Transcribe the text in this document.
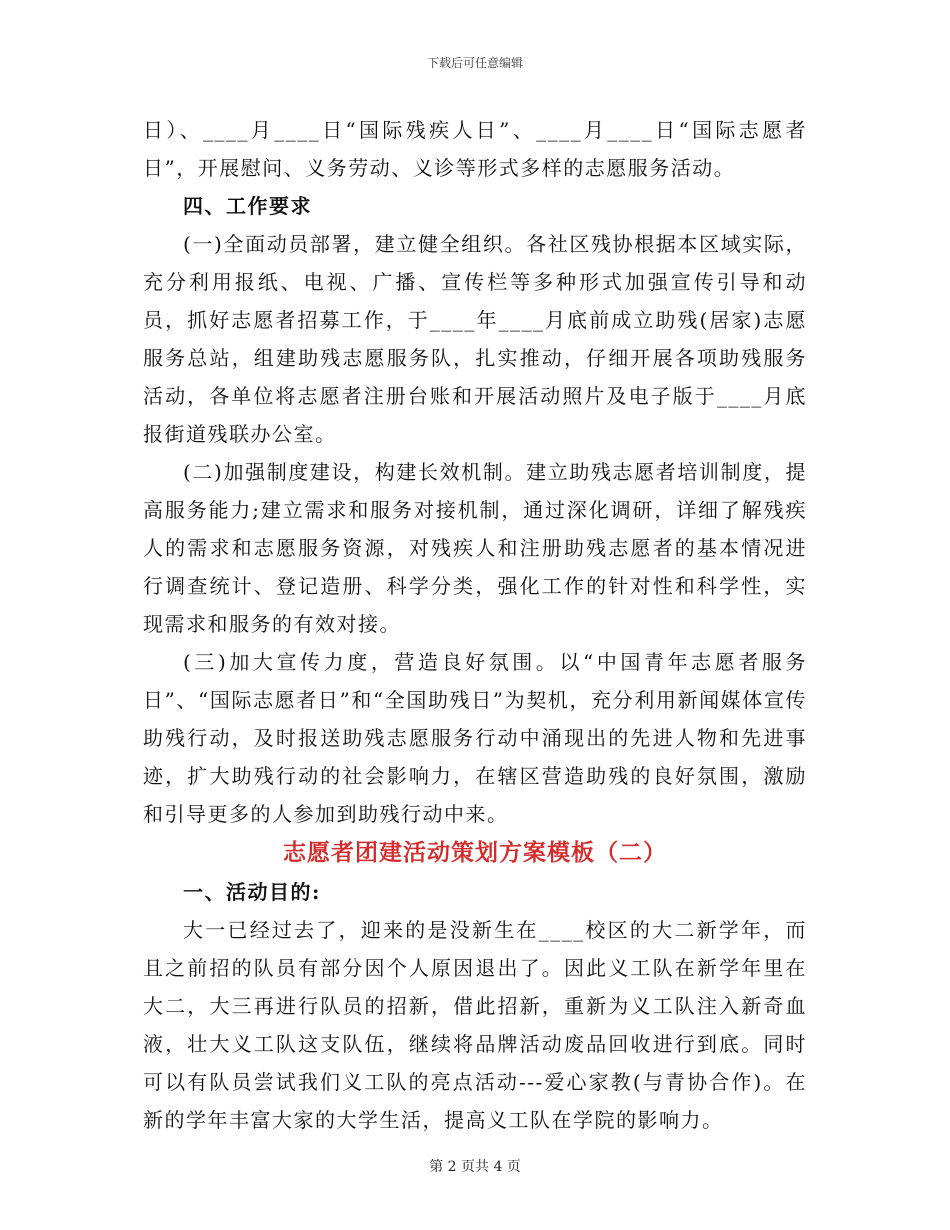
下载后可任意编辑

日）、____月____日“国际残疾人日”、____月____日“国际志愿者日”，开展慰问、义务劳动、义诊等形式多样的志愿服务活动。

四、工作要求

(一)全面动员部署，建立健全组织。各社区残协根据本区域实际，充分利用报纸、电视、广播、宣传栏等多种形式加强宣传引导和动员，抓好志愿者招募工作，于____年____月底前成立助残(居家)志愿服务总站，组建助残志愿服务队，扎实推动，仔细开展各项助残服务活动，各单位将志愿者注册台账和开展活动照片及电子版于____月底报街道残联办公室。

(二)加强制度建设，构建长效机制。建立助残志愿者培训制度，提高服务能力;建立需求和服务对接机制，通过深化调研，详细了解残疾人的需求和志愿服务资源，对残疾人和注册助残志愿者的基本情况进行调查统计、登记造册、科学分类，强化工作的针对性和科学性，实现需求和服务的有效对接。

(三)加大宣传力度，营造良好氛围。以“中国青年志愿者服务日”、“国际志愿者日”和“全国助残日”为契机，充分利用新闻媒体宣传助残行动，及时报送助残志愿服务行动中涌现出的先进人物和先进事迹，扩大助残行动的社会影响力，在辖区营造助残的良好氛围，激励和引导更多的人参加到助残行动中来。

志愿者团建活动策划方案模板（二）

一、活动目的:

大一已经过去了，迎来的是没新生在____校区的大二新学年，而且之前招的队员有部分因个人原因退出了。因此义工队在新学年里在大二，大三再进行队员的招新，借此招新，重新为义工队注入新奇血液，壮大义工队这支队伍，继续将品牌活动废品回收进行到底。同时可以有队员尝试我们义工队的亮点活动---爱心家教(与青协合作)。在新的学年丰富大家的大学生活，提高义工队在学院的影响力。

第 2 页共 4 页
